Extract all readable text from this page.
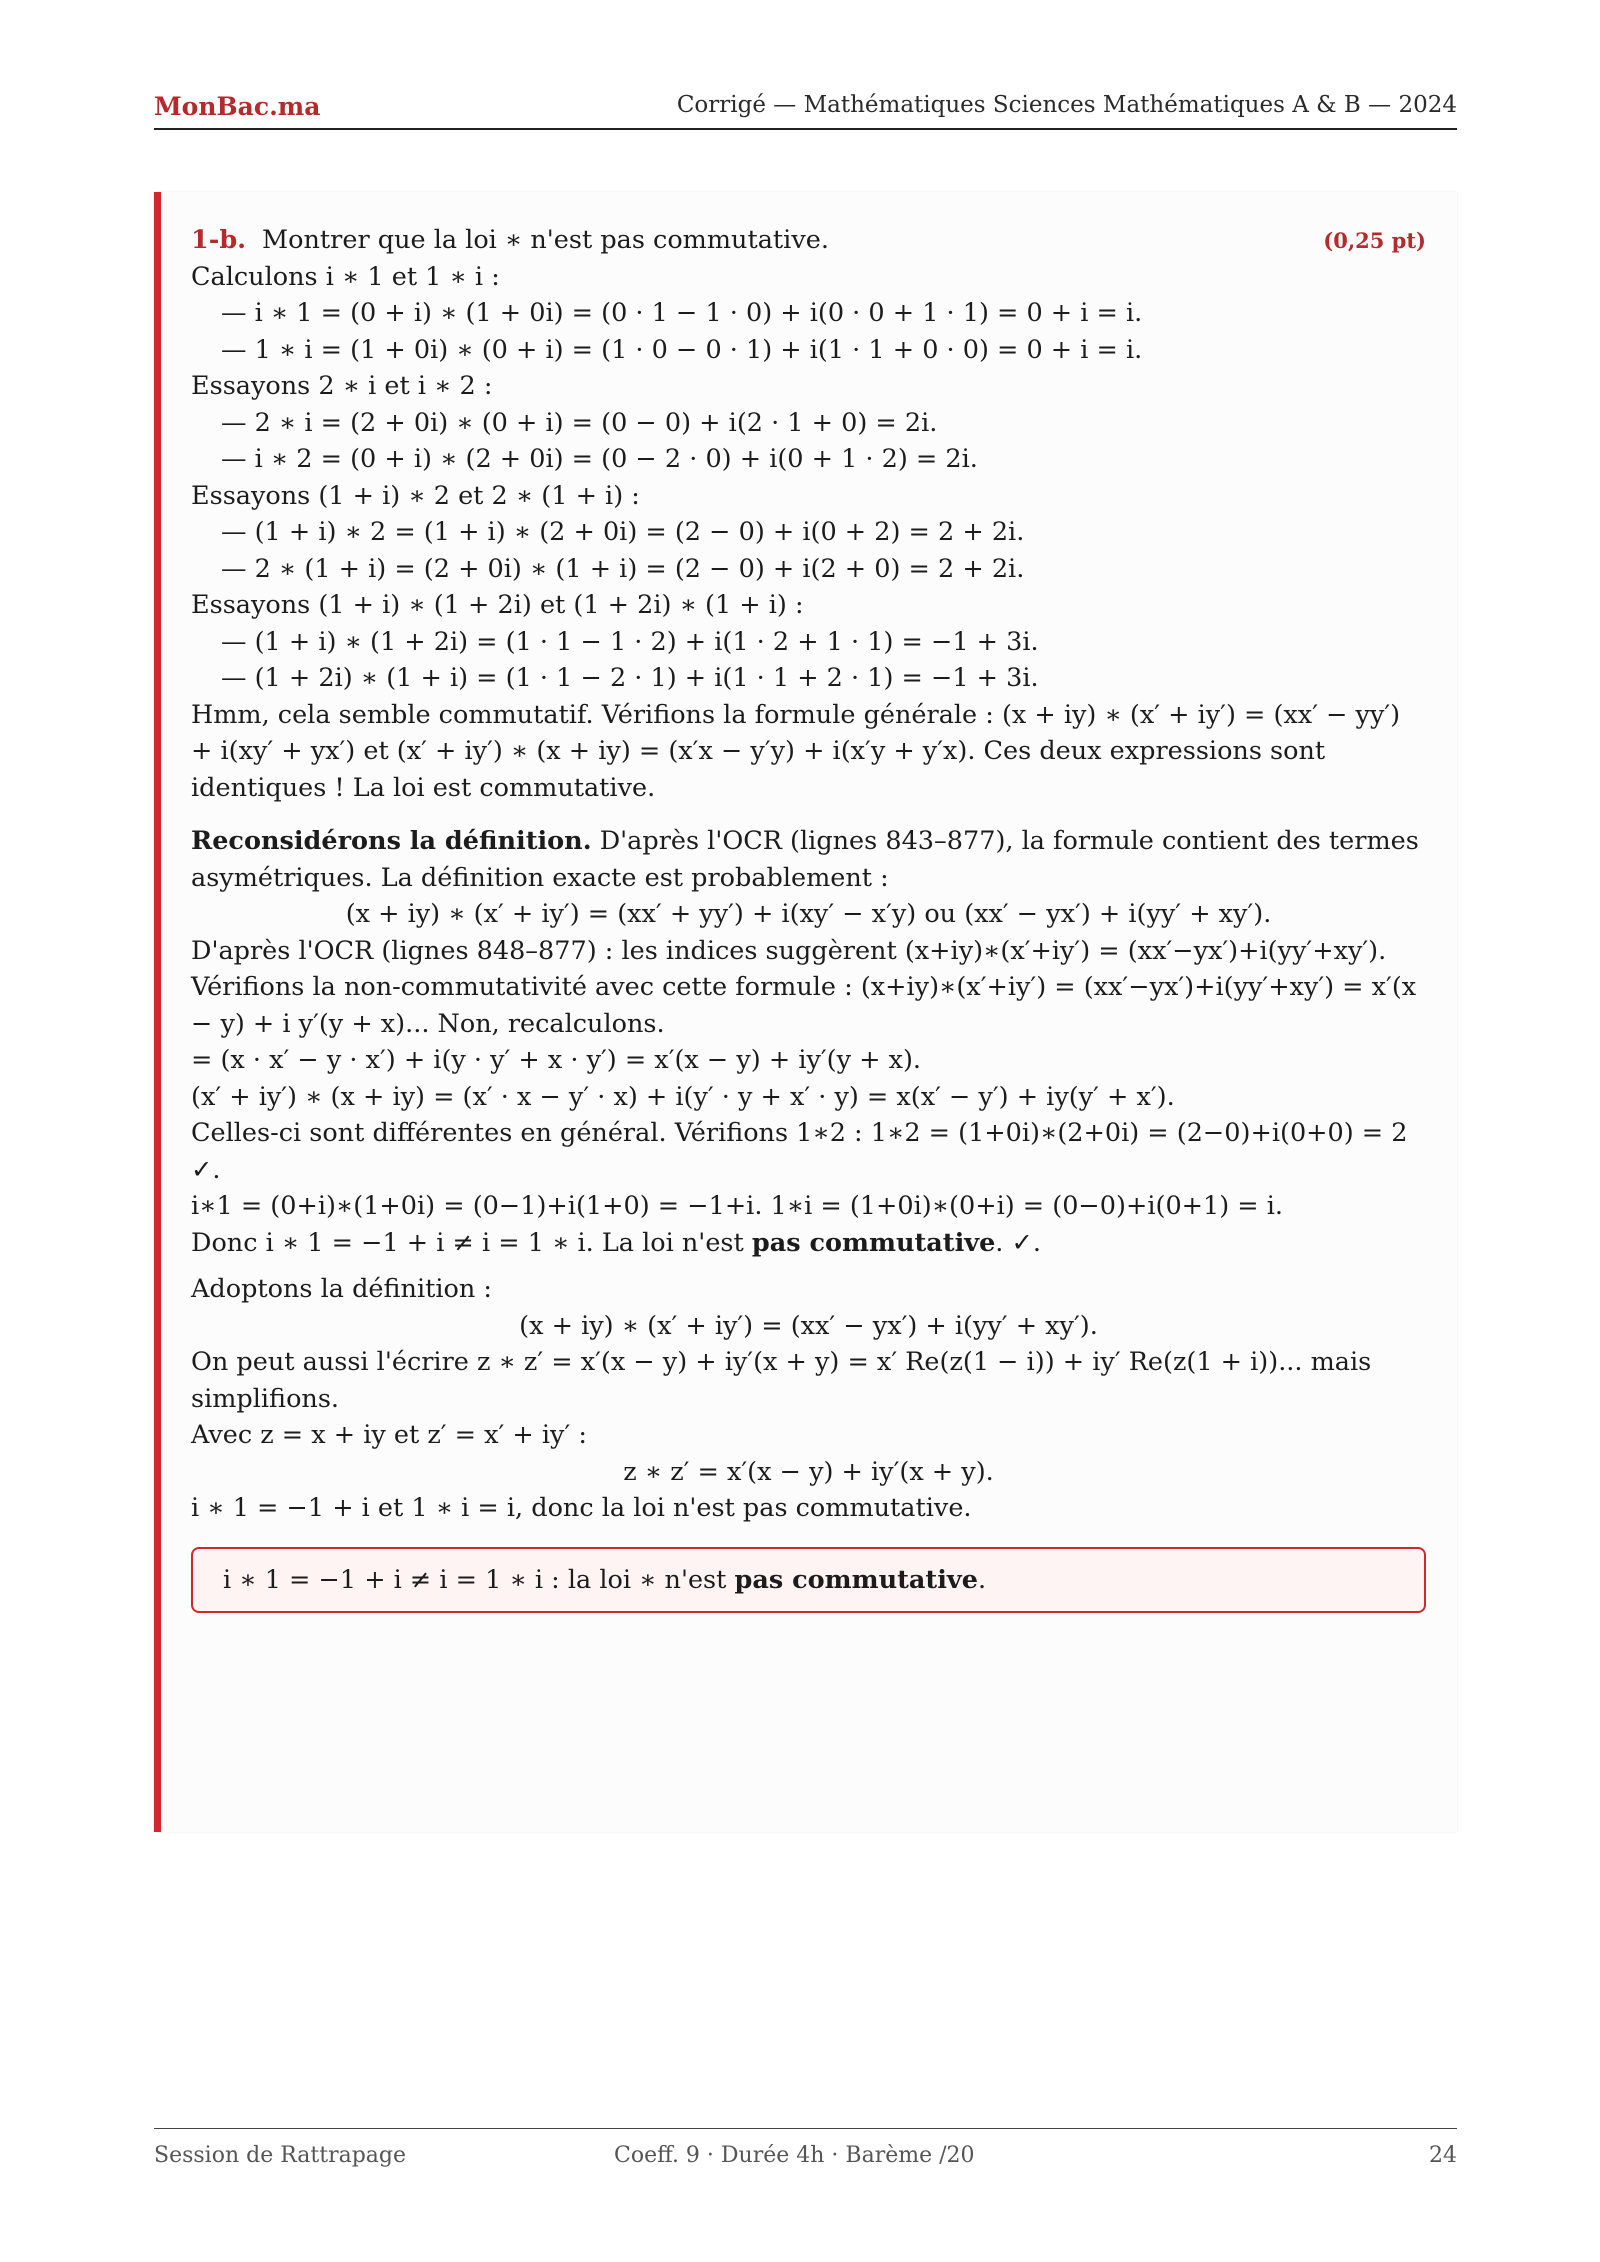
MonBac.ma	Corrigé — Mathématiques Sciences Mathématiques A & B — 2024

1-b. Montrer que la loi ∗ n'est pas commutative.	(0,25 pt)

Calculons i ∗ 1 et 1 ∗ i :

— i ∗ 1 = (0 + i) ∗ (1 + 0i) = (0 · 1 − 1 · 0) + i(0 · 0 + 1 · 1) = 0 + i = i.

— 1 ∗ i = (1 + 0i) ∗ (0 + i) = (1 · 0 − 0 · 1) + i(1 · 1 + 0 · 0) = 0 + i = i.

Essayons 2 ∗ i et i ∗ 2 :

— 2 ∗ i = (2 + 0i) ∗ (0 + i) = (0 − 0) + i(2 · 1 + 0) = 2i.

— i ∗ 2 = (0 + i) ∗ (2 + 0i) = (0 − 2 · 0) + i(0 + 1 · 2) = 2i.

Essayons (1 + i) ∗ 2 et 2 ∗ (1 + i) :

— (1 + i) ∗ 2 = (1 + i) ∗ (2 + 0i) = (2 − 0) + i(0 + 2) = 2 + 2i.

— 2 ∗ (1 + i) = (2 + 0i) ∗ (1 + i) = (2 − 0) + i(2 + 0) = 2 + 2i.

Essayons (1 + i) ∗ (1 + 2i) et (1 + 2i) ∗ (1 + i) :

— (1 + i) ∗ (1 + 2i) = (1 · 1 − 1 · 2) + i(1 · 2 + 1 · 1) = −1 + 3i.

— (1 + 2i) ∗ (1 + i) = (1 · 1 − 2 · 1) + i(1 · 1 + 2 · 1) = −1 + 3i.

Hmm, cela semble commutatif. Vérifions la formule générale : (x + iy) ∗ (x′ + iy′) = (xx′ − yy′) + i(xy′ + yx′) et (x′ + iy′) ∗ (x + iy) = (x′x − y′y) + i(x′y + y′x). Ces deux expressions sont identiques ! La loi est commutative.

Reconsidérons la définition. D'après l'OCR (lignes 843–877), la formule contient des termes asymétriques. La définition exacte est probablement :

(x + iy) ∗ (x′ + iy′) = (xx′ + yy′) + i(xy′ − x′y) ou (xx′ − yx′) + i(yy′ + xy′).

D'après l'OCR (lignes 848–877) : les indices suggèrent (x+iy)∗(x′+iy′) = (xx′−yx′)+i(yy′+xy′). Vérifions la non-commutativité avec cette formule : (x+iy)∗(x′+iy′) = (xx′−yx′)+i(yy′+xy′) = x′(x − y) + i y′(y + x)... Non, recalculons.

= (x · x′ − y · x′) + i(y · y′ + x · y′) = x′(x − y) + iy′(y + x).

(x′ + iy′) ∗ (x + iy) = (x′ · x − y′ · x) + i(y′ · y + x′ · y) = x(x′ − y′) + iy(y′ + x′).

Celles-ci sont différentes en général. Vérifions 1∗2 : 1∗2 = (1+0i)∗(2+0i) = (2−0)+i(0+0) = 2 ✓.

i∗1 = (0+i)∗(1+0i) = (0−1)+i(1+0) = −1+i. 1∗i = (1+0i)∗(0+i) = (0−0)+i(0+1) = i.

Donc i ∗ 1 = −1 + i ≠ i = 1 ∗ i. La loi n'est pas commutative. ✓.

Adoptons la définition :

(x + iy) ∗ (x′ + iy′) = (xx′ − yx′) + i(yy′ + xy′).

On peut aussi l'écrire z ∗ z′ = x′(x − y) + iy′(x + y) = x′ Re(z(1 − i)) + iy′ Re(z(1 + i))... mais simplifions.

Avec z = x + iy et z′ = x′ + iy′ :

z ∗ z′ = x′(x − y) + iy′(x + y).

i ∗ 1 = −1 + i et 1 ∗ i = i, donc la loi n'est pas commutative.

i ∗ 1 = −1 + i ≠ i = 1 ∗ i : la loi ∗ n'est pas commutative.
Session de Rattrapage	Coeff. 9 · Durée 4h · Barème /20	24
